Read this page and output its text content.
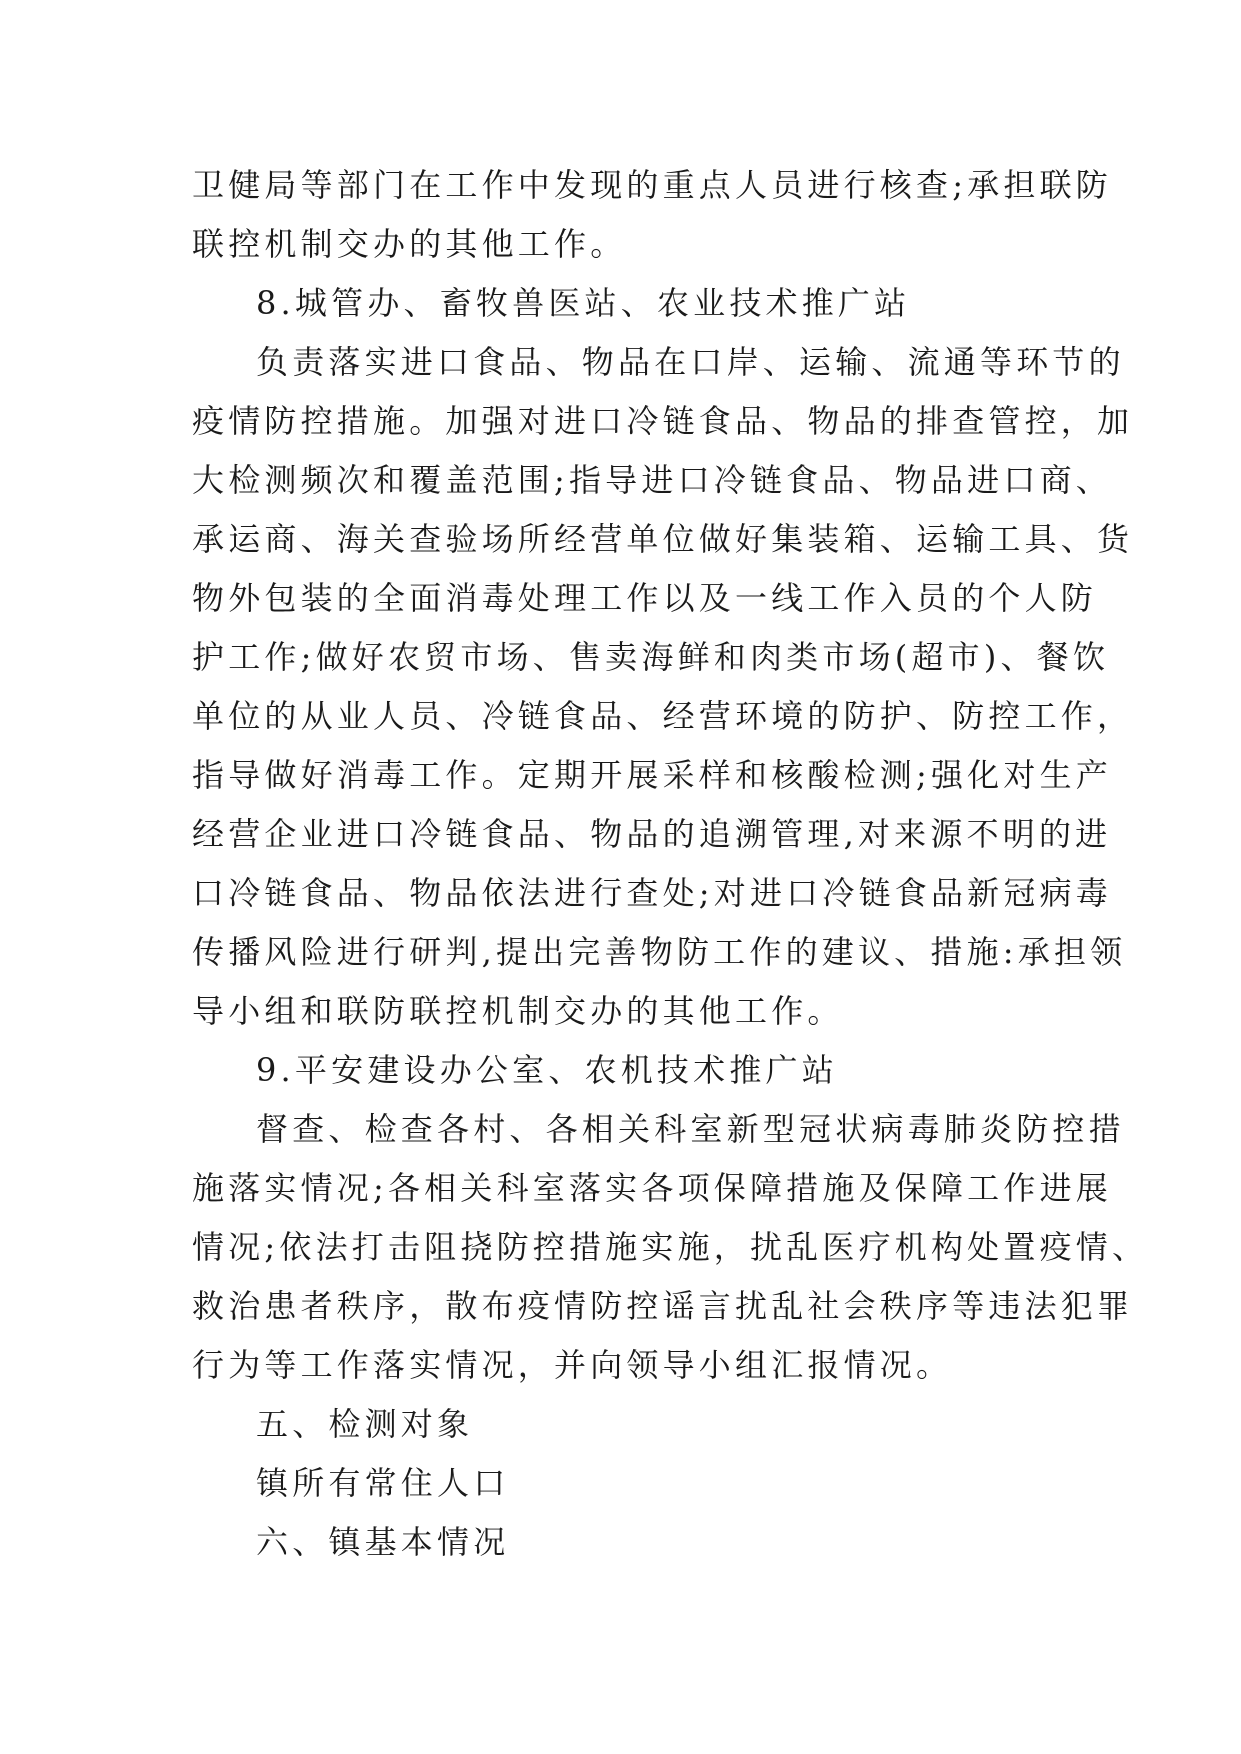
卫健局等部门在工作中发现的重点人员进行核查;承担联防
联控机制交办的其他工作。
8.城管办、畜牧兽医站、农业技术推广站
负责落实进口食品、物品在口岸、运输、流通等环节的
疫情防控措施。加强对进口冷链食品、物品的排查管控，加
大检测频次和覆盖范围;指导进口冷链食品、物品进口商、
承运商、海关查验场所经营单位做好集装箱、运输工具、货
物外包装的全面消毒处理工作以及一线工作入员的个人防
护工作;做好农贸市场、售卖海鲜和肉类市场(超市)、餐饮
单位的从业人员、冷链食品、经营环境的防护、防控工作，
指导做好消毒工作。定期开展采样和核酸检测;强化对生产
经营企业进口冷链食品、物品的追溯管理,对来源不明的进
口冷链食品、物品依法进行查处;对进口冷链食品新冠病毒
传播风险进行研判,提出完善物防工作的建议、措施:承担领
导小组和联防联控机制交办的其他工作。
9.平安建设办公室、农机技术推广站
督查、检查各村、各相关科室新型冠状病毒肺炎防控措
施落实情况;各相关科室落实各项保障措施及保障工作进展
情况;依法打击阻挠防控措施实施，扰乱医疗机构处置疫情、
救治患者秩序，散布疫情防控谣言扰乱社会秩序等违法犯罪
行为等工作落实情况，并向领导小组汇报情况。
五、检测对象
镇所有常住人口
六、镇基本情况
